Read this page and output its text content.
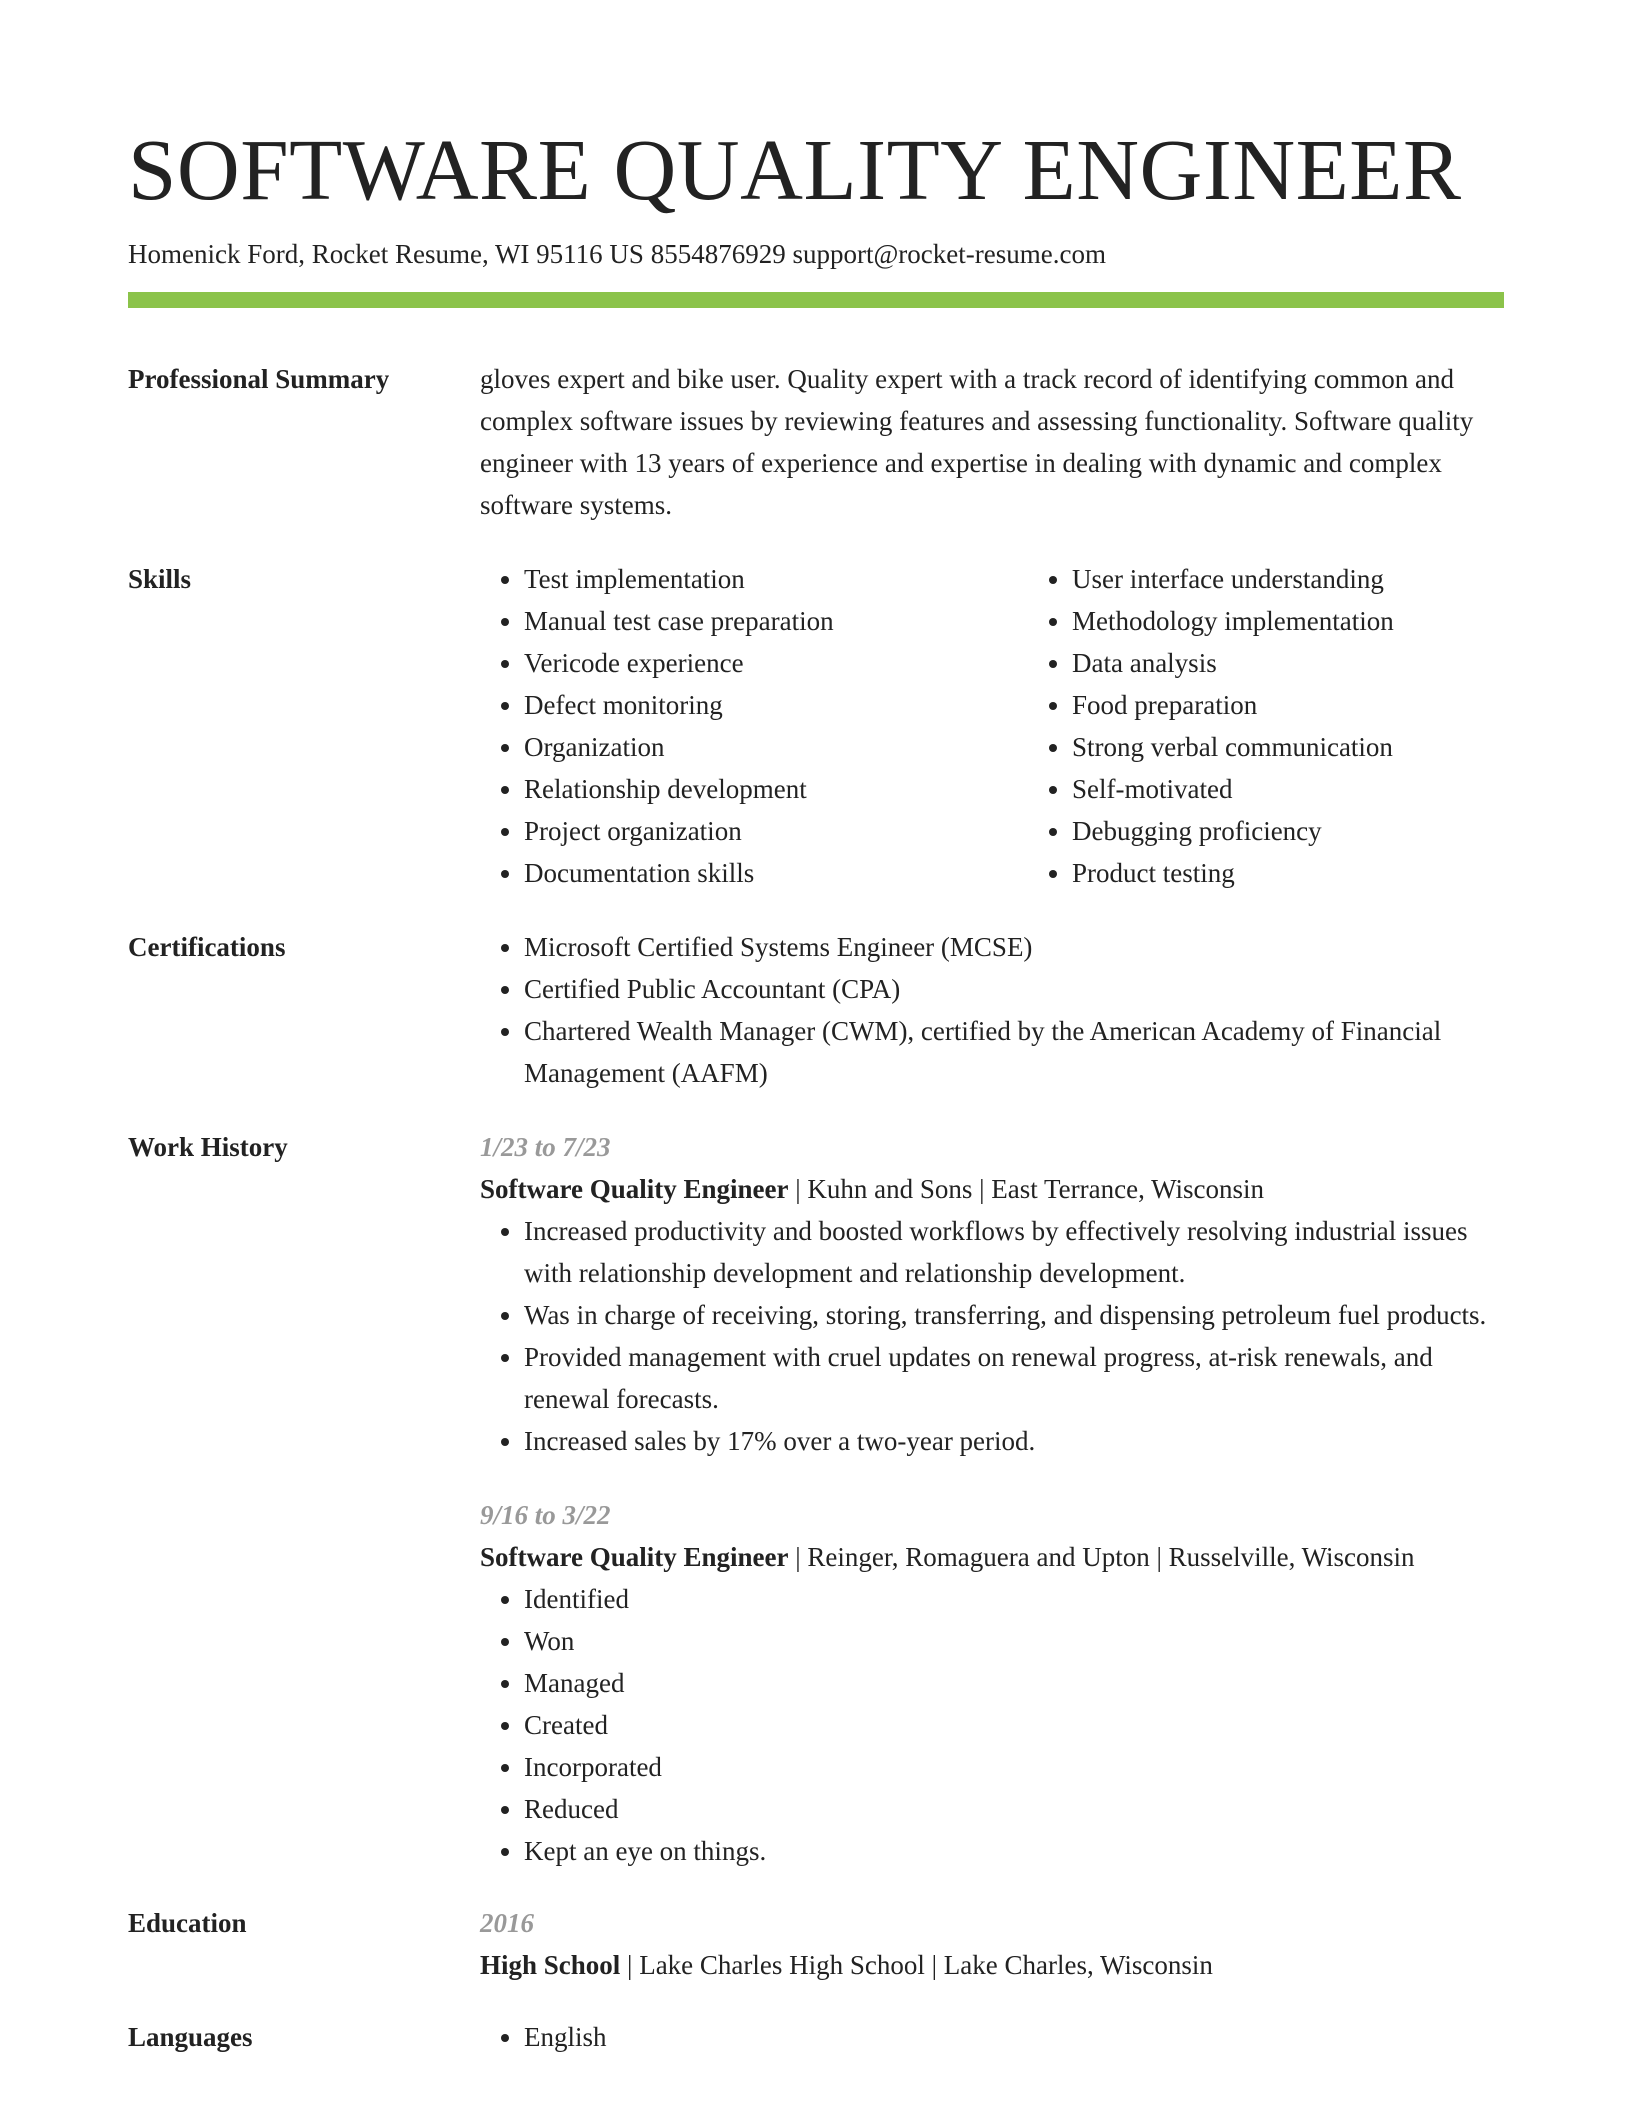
SOFTWARE QUALITY ENGINEER
Homenick Ford, Rocket Resume, WI 95116 US 8554876929 support@rocket-resume.com
Professional Summary	gloves expert and bike user. Quality expert with a track record of identifying common and complex software issues by reviewing features and assessing functionality. Software quality engineer with 13 years of experience and expertise in dealing with dynamic and complex software systems.
Skills	• Test implementation
• Manual test case preparation
• Vericode experience
• Defect monitoring
• Organization
• Relationship development
• Project organization
• Documentation skills
• User interface understanding
• Methodology implementation
• Data analysis
• Food preparation
• Strong verbal communication
• Self-motivated
• Debugging proficiency
• Product testing
Certifications	• Microsoft Certified Systems Engineer (MCSE)
• Certified Public Accountant (CPA)
• Chartered Wealth Manager (CWM), certified by the American Academy of Financial Management (AAFM)
Work History	1/23 to 7/23
Software Quality Engineer | Kuhn and Sons | East Terrance, Wisconsin
• Increased productivity and boosted workflows by effectively resolving industrial issues with relationship development and relationship development.
• Was in charge of receiving, storing, transferring, and dispensing petroleum fuel products.
• Provided management with cruel updates on renewal progress, at-risk renewals, and renewal forecasts.
• Increased sales by 17% over a two-year period.
9/16 to 3/22
Software Quality Engineer | Reinger, Romaguera and Upton | Russelville, Wisconsin
• Identified
• Won
• Managed
• Created
• Incorporated
• Reduced
• Kept an eye on things.
Education	2016
High School | Lake Charles High School | Lake Charles, Wisconsin
Languages	• English
